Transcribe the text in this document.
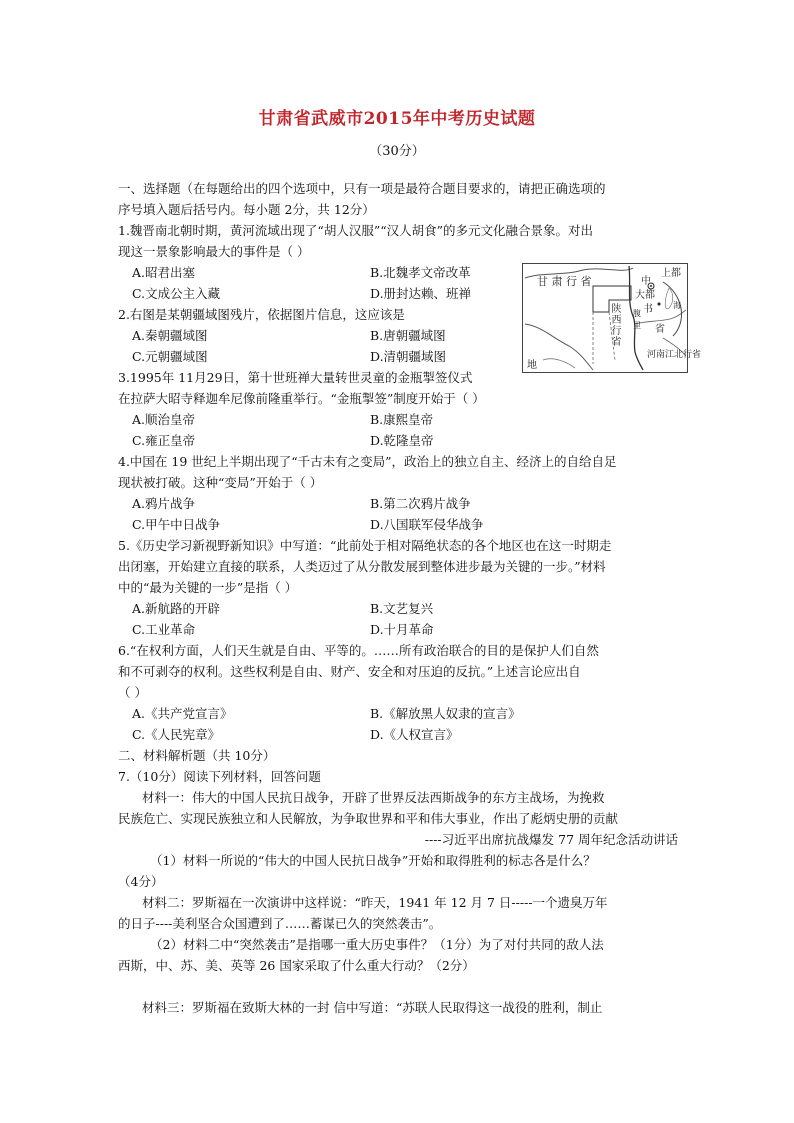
甘肃省武威市2015年中考历史试题
（30分）
一、选择题（在每题给出的四个选项中，只有一项是最符合题目要求的，请把正确选项的
序号填入题后括号内。每小题 2分，共 12分）
1.魏晋南北朝时期，黄河流域出现了“胡人汉服”“汉人胡食”的多元文化融合景象。对出
现这一景象影响最大的事件是（ ）
A.昭君出塞	B.北魏孝文帝改革
C.文成公主入藏	D.册封达赖、班禅
2.右图是某朝疆域图残片，依据图片信息，这应该是
A.秦朝疆域图	B.唐朝疆域图
C.元朝疆域图	D.清朝疆域图
3.1995年 11月29日，第十世班禅大量转世灵童的金瓶掣签仪式
在拉萨大昭寺释迦牟尼像前隆重举行。“金瓶掣签”制度开始于（ ）
A.顺治皇帝	B.康熙皇帝
C.雍正皇帝	D.乾隆皇帝
4.中国在 19 世纪上半期出现了“千古未有之变局”，政治上的独立自主、经济上的自给自足
现状被打破。这种“变局”开始于（ ）
A.鸦片战争	B.第二次鸦片战争
C.甲午中日战争	D.八国联军侵华战争
5.《历史学习新视野新知识》中写道：“此前处于相对隔绝状态的各个地区也在这一时期走
出闭塞，开始建立直接的联系，人类迈过了从分散发展到整体进步最为关键的一步。”材料
中的“最为关键的一步”是指（ ）
A.新航路的开辟	B.文艺复兴
C.工业革命	D.十月革命
6.“在权利方面，人们天生就是自由、平等的。……所有政治联合的目的是保护人们自然
和不可剥夺的权利。这些权利是自由、财产、安全和对压迫的反抗。”上述言论应出自
（ ）
A.《共产党宣言》	B.《解放黑人奴隶的宣言》
C.《人民宪章》	D.《人权宣言》
二、材料解析题（共 10分）
7.（10分）阅读下列材料，回答问题
材料一：伟大的中国人民抗日战争，开辟了世界反法西斯战争的东方主战场，为挽救
民族危亡、实现民族独立和人民解放，为争取世界和平和伟大事业，作出了彪炳史册的贡献
----习近平出席抗战爆发 77 周年纪念活动讲话
（1）材料一所说的“伟大的中国人民抗日战争”开始和取得胜利的标志各是什么？
（4分）
材料二：罗斯福在一次演讲中这样说：“昨天，1941 年 12 月 7 日-----一个遗臭万年
的日子----美利坚合众国遭到了……蓄谋已久的突然袭击”。
（2）材料二中“突然袭击”是指哪一重大历史事件？（1分）为了对付共同的敌人法
西斯，中、苏、美、英等 26 国家采取了什么重大行动？（2分）
材料三：罗斯福在致斯大林的一封 信中写道：“苏联人民取得这一战役的胜利，制止
甘 肃 行 省	中
上都
大都
书
陕西行省
省
河南江北行省
地
腹
里
海
